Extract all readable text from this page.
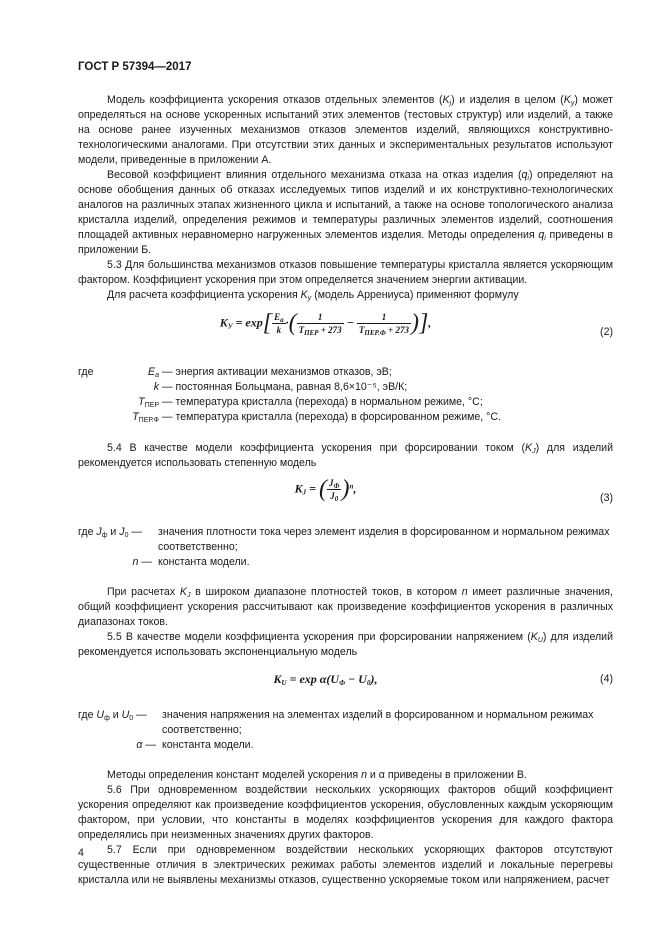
ГОСТ Р 57394—2017

Модель коэффициента ускорения отказов отдельных элементов $(K_j)$ и изделия в целом $(K_y)$ может определяться на основе ускоренных испытаний этих элементов (тестовых структур) или изделий, а также на основе ранее изученных механизмов отказов элементов изделий, являющихся конструктивно-технологическими аналогами. При отсутствии этих данных и экспериментальных результатов используют модели, приведенные в приложении А.

Весовой коэффициент влияния отдельного механизма отказа на отказ изделия $(q_i)$ определяют на основе обобщения данных об отказах исследуемых типов изделий и их конструктивно-технологических аналогов на различных этапах жизненного цикла и испытаний, а также на основе топологического анализа кристалла изделий, определения режимов и температуры различных элементов изделий, соотношения площадей активных неравномерно нагруженных элементов изделия. Методы определения $q_i$ приведены в приложении Б.

5.3 Для большинства механизмов отказов повышение температуры кристалла является ускоряющим фактором. Коэффициент ускорения при этом определяется значением энергии активации.

Для расчета коэффициента ускорения $K_y$ (модель Аррениуса) применяют формулу

$K_У = \exp[ \frac{E_a}{k}$ ·( $\frac{1}{T_{ПЕР} + 273} - \frac{1}{T_{ПЕР.Ф} + 273}$ )],
(2)
где	$E_a$	— энергия активации механизмов отказов, эВ;
	k	— постоянная Больцмана, равная 8,6×10⁻⁵, эВ/К;
	$T_{ПЕР}$	— температура кристалла (перехода) в нормальном режиме, °C;
	$T_{ПЕР.Ф}$	— температура кристалла (перехода) в форсированном режиме, °C.

5.4 В качестве модели коэффициента ускорения при форсировании током $(K_J)$ для изделий рекомендуется использовать степенную модель

$K_J$ = ( $\frac{J_Ф}{J_0} )^n$,
(3)
где $J_ф$ и $J_0$ —	значения плотности тока через элемент изделия в форсированном и нормальном режимах соответственно;
n —	константа модели.

При расчетах $K_J$ в широком диапазоне плотностей токов, в котором n имеет различные значения, общий коэффициент ускорения рассчитывают как произведение коэффициентов ускорения в различных диапазонах токов.

5.5 В качестве модели коэффициента ускорения при форсировании напряжением $(K_U)$ для изделий рекомендуется использовать экспоненциальную модель

$K_U = \exp \alpha(U_Ф - U_0)$,	(4)
где $U_ф$ и $U_0$ —	значения напряжения на элементах изделий в форсированном и нормальном режимах соответственно;
α —	константа модели.

Методы определения констант моделей ускорения n и α приведены в приложении В.

5.6 При одновременном воздействии нескольких ускоряющих факторов общий коэффициент ускорения определяют как произведение коэффициентов ускорения, обусловленных каждым ускоряющим фактором, при условии, что константы в моделях коэффициентов ускорения для каждого фактора определялись при неизменных значениях других факторов.

5.7 Если при одновременном воздействии нескольких ускоряющих факторов отсутствуют существенные отличия в электрических режимах работы элементов изделий и локальные перегревы кристалла или не выявлены механизмы отказов, существенно ускоряемые током или напряжением, расчет

4
